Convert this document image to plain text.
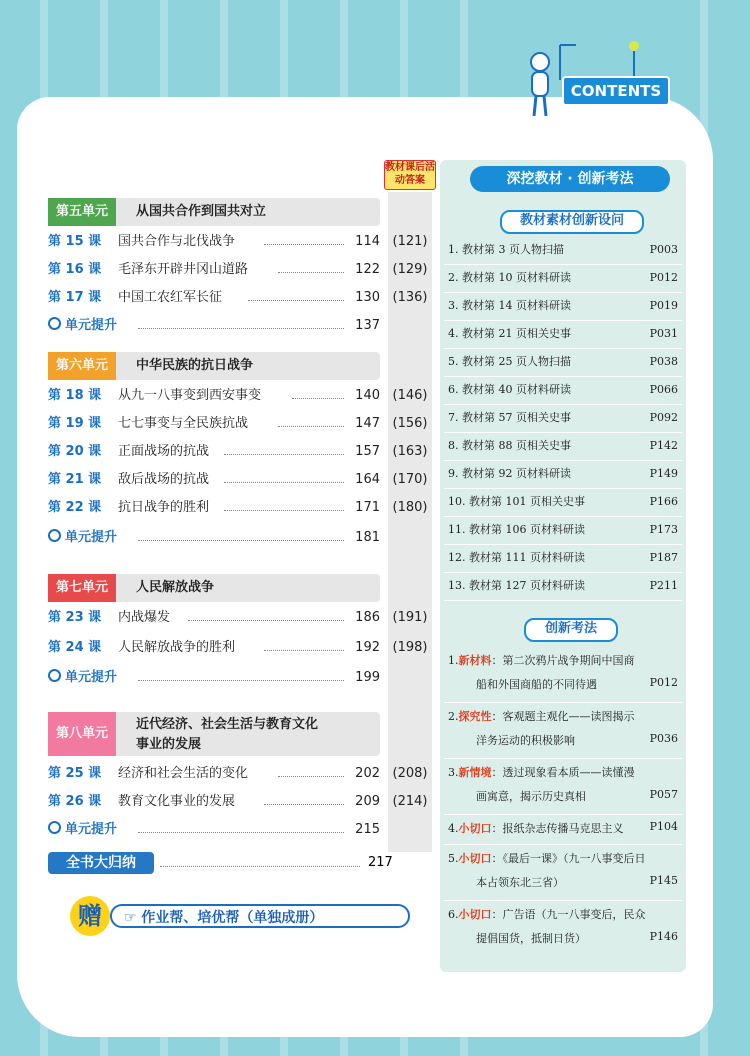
CONTENTS
教材课后活动答案
第五单元	从国共合作到国共对立
第 15 课 国共合作与北伐战争	114 (121)
第 16 课 毛泽东开辟井冈山道路	122 (129)
第 17 课 中国工农红军长征	130 (136)
单元提升	137
第六单元	中华民族的抗日战争
第 18 课 从九一八事变到西安事变	140 (146)
第 19 课 七七事变与全民族抗战	147 (156)
第 20 课 正面战场的抗战	157 (163)
第 21 课 敌后战场的抗战	164 (170)
第 22 课 抗日战争的胜利	171 (180)
单元提升	181
第七单元	人民解放战争
第 23 课 内战爆发	186 (191)
第 24 课 人民解放战争的胜利	192 (198)
单元提升	199
第八单元
近代经济、社会生活与教育文化
事业的发展
第 25 课 经济和社会生活的变化	202 (208)
第 26 课 教育文化事业的发展	209 (214)
单元提升	215
全书大归纳	217
赠	☞ 作业帮、培优帮（单独成册）
深挖教材 · 创新考法
教材素材创新设问
1. 教材第 3 页人物扫描	P003
2. 教材第 10 页材料研读	P012
3. 教材第 14 页材料研读	P019
4. 教材第 21 页相关史事	P031
5. 教材第 25 页人物扫描	P038
6. 教材第 40 页材料研读	P066
7. 教材第 57 页相关史事	P092
8. 教材第 88 页相关史事	P142
9. 教材第 92 页材料研读	P149
10. 教材第 101 页相关史事	P166
11. 教材第 106 页材料研读	P173
12. 教材第 111 页材料研读	P187
13. 教材第 127 页材料研读	P211
创新考法
1.新材料：第二次鸦片战争期间中国商
船和外国商船的不同待遇	P012
2.探究性：客观题主观化——读图揭示
洋务运动的积极影响	P036
3.新情境：透过现象看本质——读懂漫
画寓意，揭示历史真相	P057
4.小切口：报纸杂志传播马克思主义 P104
5.小切口：《最后一课》（九一八事变后日
本占领东北三省）	P145
6.小切口：广告语（九一八事变后，民众
提倡国货，抵制日货）	P146
